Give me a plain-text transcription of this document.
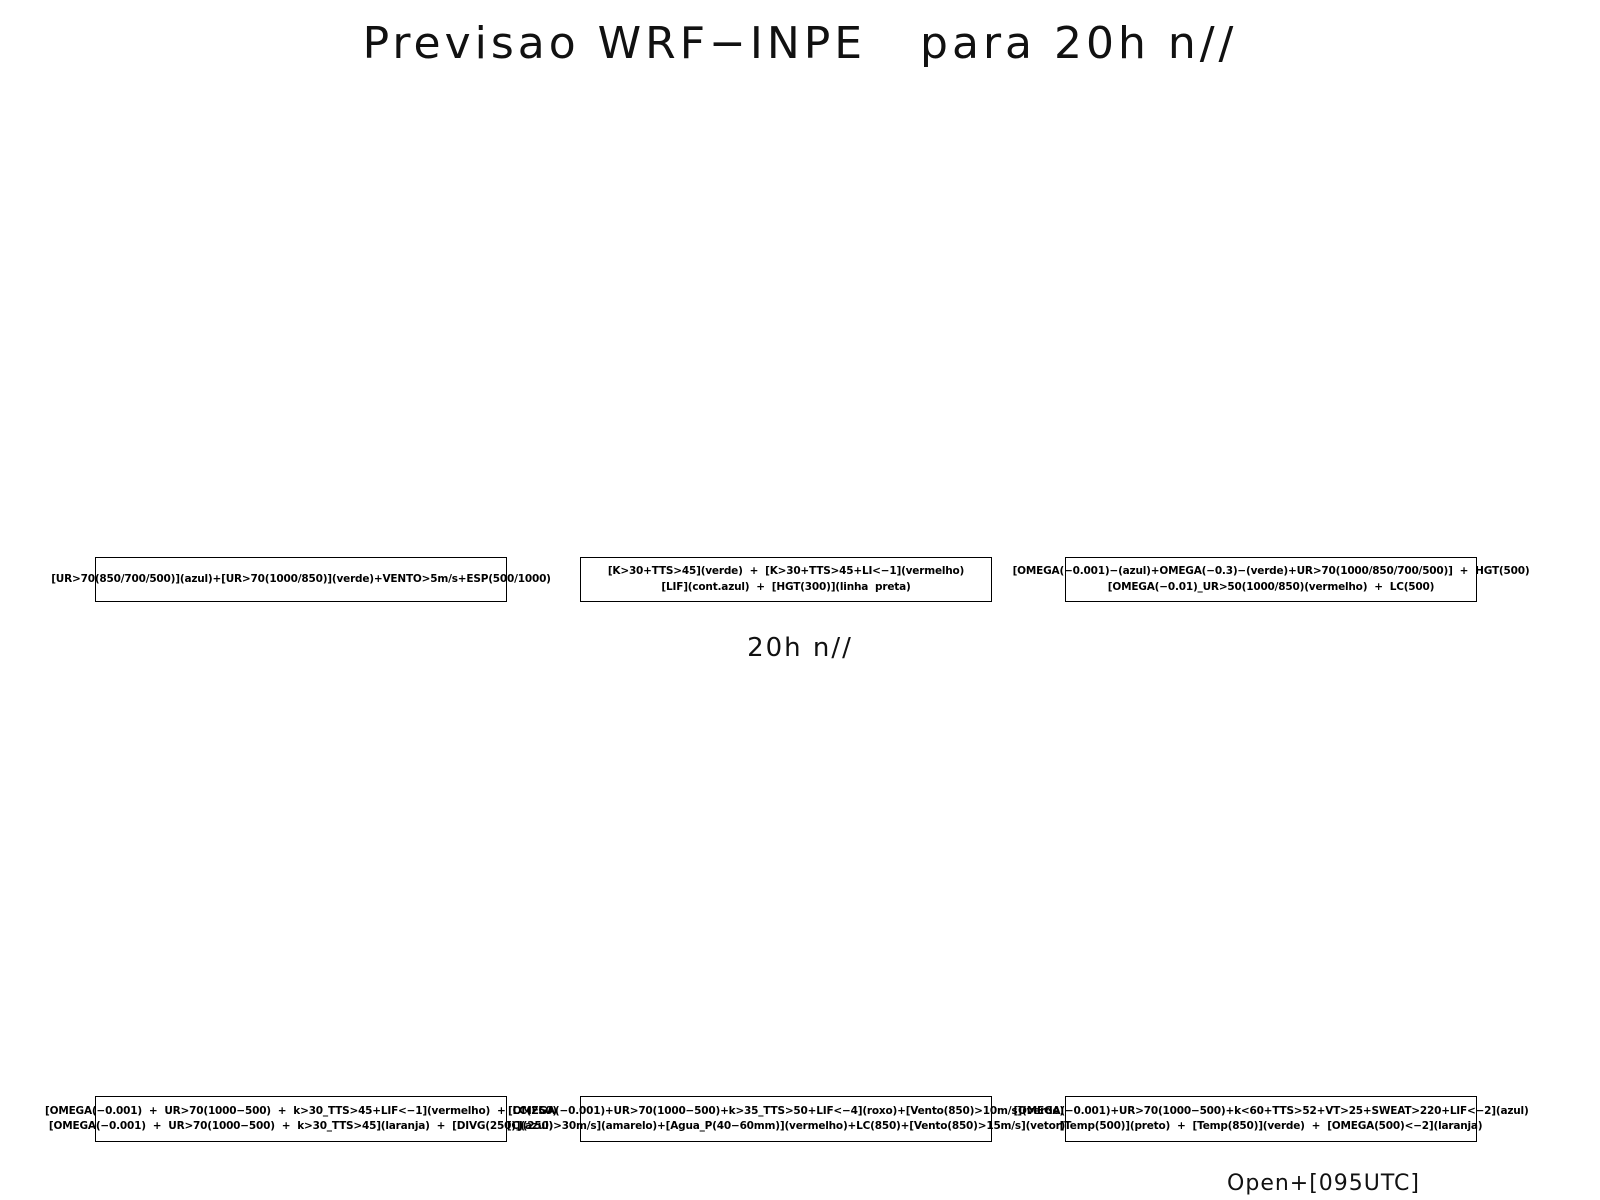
Previsao WRF−INPE   para 20h n//
[UR>70(850/700/500)](azul)+[UR>70(1000/850)](verde)+VENTO>5m/s+ESP(500/1000)
[K>30+TTS>45](verde)  +  [K>30+TTS>45+LI<−1](vermelho)
[LIF](cont.azul)  +  [HGT(300)](linha  preta)
[OMEGA(−0.001)−(azul)+OMEGA(−0.3)−(verde)+UR>70(1000/850/700/500)]  +  HGT(500)
[OMEGA(−0.01)_UR>50(1000/850)(vermelho)  +  LC(500)
20h n//
[OMEGA(−0.001)  +  UR>70(1000−500)  +  k>30_TTS>45+LIF<−1](vermelho)  +  LC(250)
[OMEGA(−0.001)  +  UR>70(1000−500)  +  k>30_TTS>45](laranja)  +  [DIVG(250)](azul)
[OMEGA(−0.001)+UR>70(1000−500)+k>35_TTS>50+LIF<−4](roxo)+[Vento(850)>10m/s](verde)
[CJ(250)>30m/s](amarelo)+[Agua_P(40−60mm)](vermelho)+LC(850)+[Vento(850)>15m/s](vetor)
[OMEGA(−0.001)+UR>70(1000−500)+k<60+TTS>52+VT>25+SWEAT>220+LIF<−2](azul)
[Temp(500)](preto)  +  [Temp(850)](verde)  +  [OMEGA(500)<−2](laranja)
Open+[095UTC]
